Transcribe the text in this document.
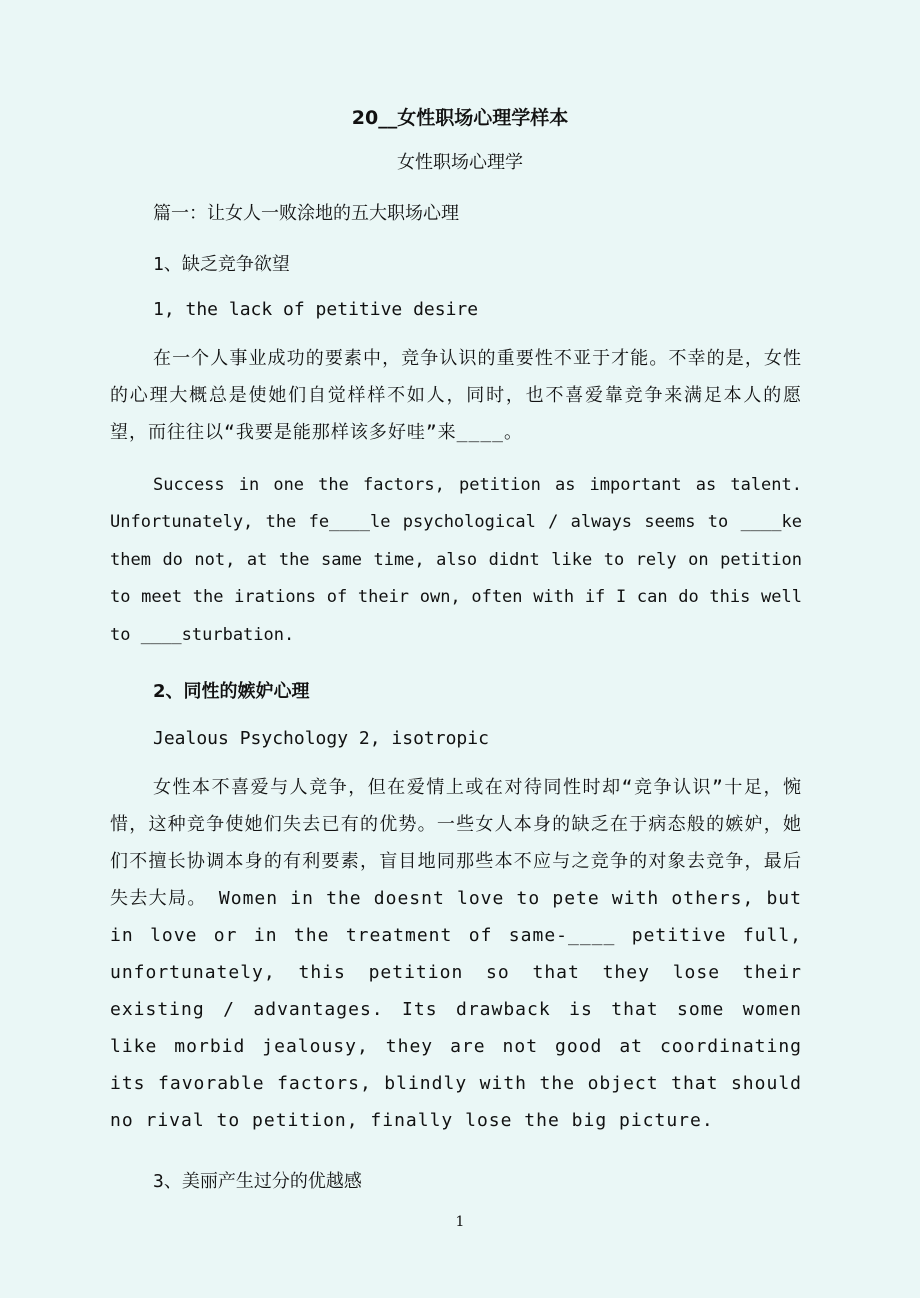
20__女性职场心理学样本
女性职场心理学
篇一：让女人一败涂地的五大职场心理
1、缺乏竞争欲望
1, the lack of petitive desire

在一个人事业成功的要素中，竞争认识的重要性不亚于才能。不幸的是，女性的心理大概总是使她们自觉样样不如人，同时，也不喜爱靠竞争来满足本人的愿望，而往往以“我要是能那样该多好哇”来____。

Success in one the factors, petition as important as talent. Unfortunately, the fe____le psychological / always seems to ____ke them do not, at the same time, also didnt like to rely on petition to meet the irations of their own, often with if I can do this well to ____sturbation.

2、同性的嫉妒心理
Jealous Psychology 2, isotropic

女性本不喜爱与人竞争，但在爱情上或在对待同性时却“竞争认识”十足，惋惜，这种竞争使她们失去已有的优势。一些女人本身的缺乏在于病态般的嫉妒，她们不擅长协调本身的有利要素，盲目地同那些本不应与之竞争的对象去竞争，最后失去大局。 Women in the doesnt love to pete with others, but in love or in the treatment of same-____ petitive full, unfortunately, this petition so that they lose their existing / advantages. Its drawback is that some women like morbid jealousy, they are not good at coordinating its favorable factors, blindly with the object that should no rival to petition, finally lose the big picture.

3、美丽产生过分的优越感
1
